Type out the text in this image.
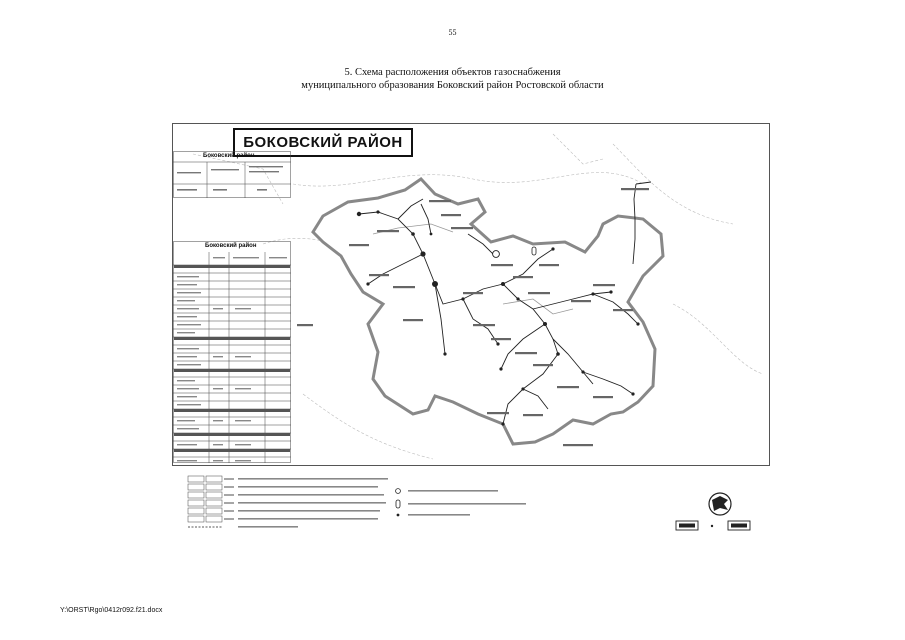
55
5. Схема расположения объектов газоснабжения
муниципального образования Боковский район Ростовской области
БОКОВСКИЙ РАЙОН
Боковский район
Боковский район
Y:\ORST\Rgo\0412r092.f21.docx
